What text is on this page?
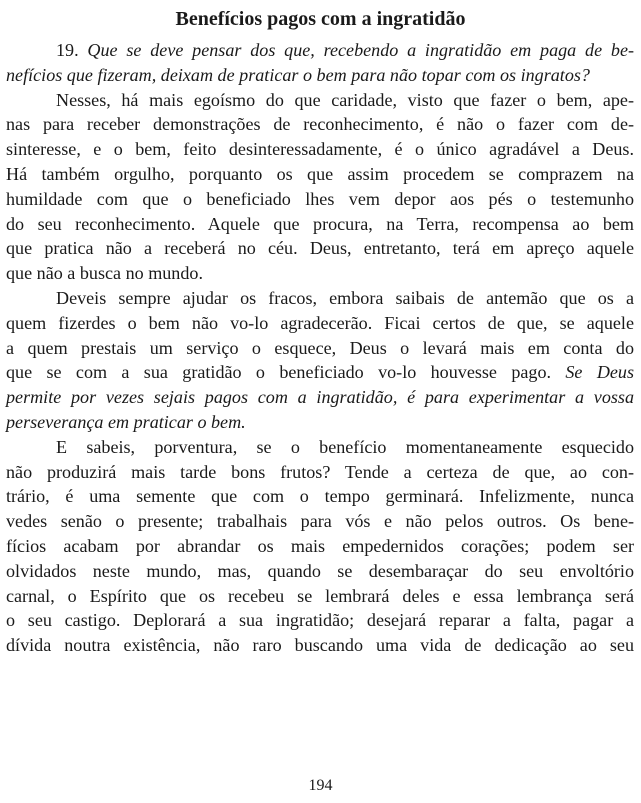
Benefícios pagos com a ingratidão
19. Que se deve pensar dos que, recebendo a ingratidão em paga de be-
nefícios que fizeram, deixam de praticar o bem para não topar com os ingratos?
Nesses, há mais egoísmo do que caridade, visto que fazer o bem, ape-
nas para receber demonstrações de reconhecimento, é não o fazer com de-
sinteresse, e o bem, feito desinteressadamente, é o único agradável a Deus.
Há também orgulho, porquanto os que assim procedem se comprazem na
humildade com que o beneficiado lhes vem depor aos pés o testemunho
do seu reconhecimento. Aquele que procura, na Terra, recompensa ao bem
que pratica não a receberá no céu. Deus, entretanto, terá em apreço aquele
que não a busca no mundo.
Deveis sempre ajudar os fracos, embora saibais de antemão que os a
quem fizerdes o bem não vo-lo agradecerão. Ficai certos de que, se aquele
a quem prestais um serviço o esquece, Deus o levará mais em conta do
que se com a sua gratidão o beneficiado vo-lo houvesse pago. Se Deus
permite por vezes sejais pagos com a ingratidão, é para experimentar a vossa
perseverança em praticar o bem.
E sabeis, porventura, se o benefício momentaneamente esquecido
não produzirá mais tarde bons frutos? Tende a certeza de que, ao con-
trário, é uma semente que com o tempo germinará. Infelizmente, nunca
vedes senão o presente; trabalhais para vós e não pelos outros. Os bene-
fícios acabam por abrandar os mais empedernidos corações; podem ser
olvidados neste mundo, mas, quando se desembaraçar do seu envoltório
carnal, o Espírito que os recebeu se lembrará deles e essa lembrança será
o seu castigo. Deplorará a sua ingratidão; desejará reparar a falta, pagar a
dívida noutra existência, não raro buscando uma vida de dedicação ao seu
194
